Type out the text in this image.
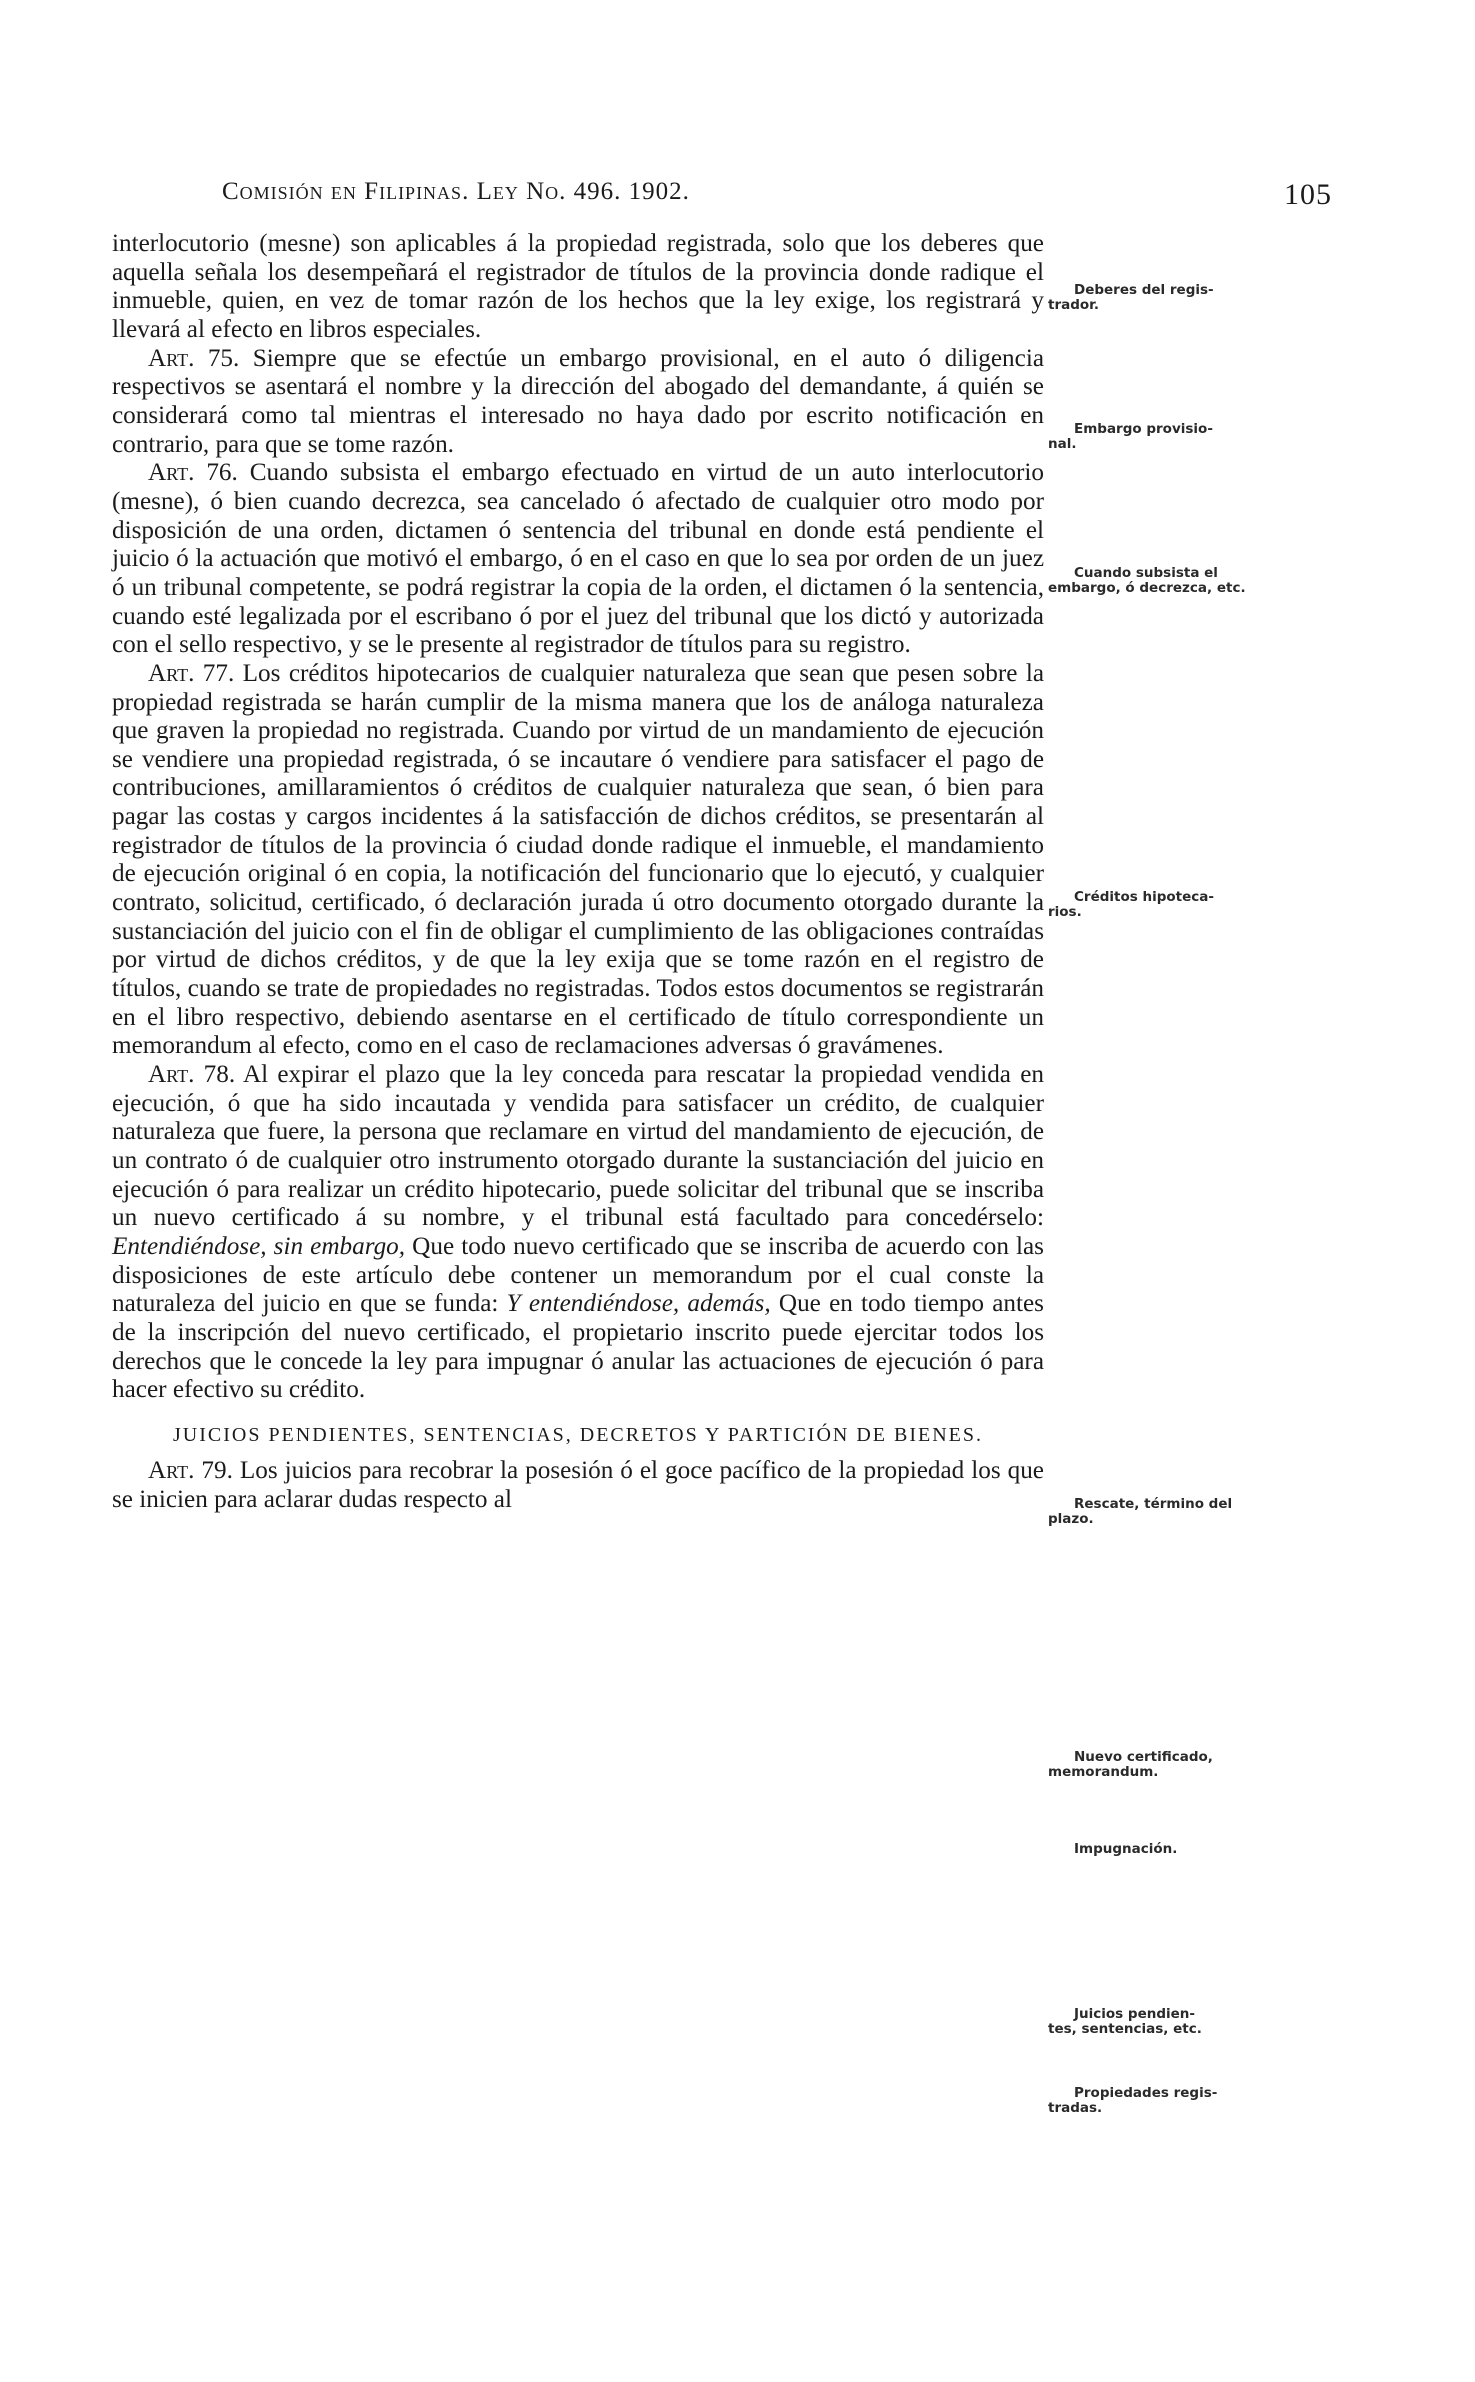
Comisión en Filipinas. Ley No. 496. 1902.	105

interlocutorio (mesne) son aplicables á la propiedad registrada, solo que los deberes que aquella señala los desempeñará el registrador de títulos de la provincia donde radique el inmueble, quien, en vez de tomar razón de los hechos que la ley exige, los registrará y llevará al efecto en libros especiales.

Art. 75. Siempre que se efectúe un embargo provisional, en el auto ó diligencia respectivos se asentará el nombre y la dirección del abogado del demandante, á quién se considerará como tal mientras el interesado no haya dado por escrito notificación en contrario, para que se tome razón.

Art. 76. Cuando subsista el embargo efectuado en virtud de un auto interlocutorio (mesne), ó bien cuando decrezca, sea cancelado ó afectado de cualquier otro modo por disposición de una orden, dictamen ó sentencia del tribunal en donde está pendiente el juicio ó la actuación que motivó el embargo, ó en el caso en que lo sea por orden de un juez ó un tribunal competente, se podrá registrar la copia de la orden, el dictamen ó la sentencia, cuando esté legalizada por el escribano ó por el juez del tribunal que los dictó y autorizada con el sello respectivo, y se le presente al registrador de títulos para su registro.

Art. 77. Los créditos hipotecarios de cualquier naturaleza que sean que pesen sobre la propiedad registrada se harán cumplir de la misma manera que los de análoga naturaleza que graven la propiedad no registrada. Cuando por virtud de un mandamiento de ejecución se vendiere una propiedad registrada, ó se incautare ó vendiere para satisfacer el pago de contribuciones, amillaramientos ó créditos de cualquier naturaleza que sean, ó bien para pagar las costas y cargos incidentes á la satisfacción de dichos créditos, se presentarán al registrador de títulos de la provincia ó ciudad donde radique el inmueble, el mandamiento de ejecución original ó en copia, la notificación del funcionario que lo ejecutó, y cualquier contrato, solicitud, certificado, ó declaración jurada ú otro documento otorgado durante la sustanciación del juicio con el fin de obligar el cumplimiento de las obligaciones contraídas por virtud de dichos créditos, y de que la ley exija que se tome razón en el registro de títulos, cuando se trate de propiedades no registradas. Todos estos documentos se registrarán en el libro respectivo, debiendo asentarse en el certificado de título correspondiente un memorandum al efecto, como en el caso de reclamaciones adversas ó gravámenes.

Art. 78. Al expirar el plazo que la ley conceda para rescatar la propiedad vendida en ejecución, ó que ha sido incautada y vendida para satisfacer un crédito, de cualquier naturaleza que fuere, la persona que reclamare en virtud del mandamiento de ejecución, de un contrato ó de cualquier otro instrumento otorgado durante la sustanciación del juicio en ejecución ó para realizar un crédito hipotecario, puede solicitar del tribunal que se inscriba un nuevo certificado á su nombre, y el tribunal está facultado para concedérselo: Entendiéndose, sin embargo, Que todo nuevo certificado que se inscriba de acuerdo con las disposiciones de este artículo debe contener un memorandum por el cual conste la naturaleza del juicio en que se funda: Y entendiéndose, además, Que en todo tiempo antes de la inscripción del nuevo certificado, el propietario inscrito puede ejercitar todos los derechos que le concede la ley para impugnar ó anular las actuaciones de ejecución ó para hacer efectivo su crédito.

JUICIOS PENDIENTES, SENTENCIAS, DECRETOS Y PARTICIÓN DE BIENES.

Art. 79. Los juicios para recobrar la posesión ó el goce pacífico de la propiedad los que se inicien para aclarar dudas respecto al

Deberes del regis-
trador.
Embargo provisio-
nal.
Cuando subsista el
embargo, ó decrezca, etc.
Créditos hipoteca-
rios.
Rescate, término del
plazo.
Nuevo certificado,
memorandum.
Impugnación.
Juicios pendien-
tes, sentencias, etc.
Propiedades regis-
tradas.
